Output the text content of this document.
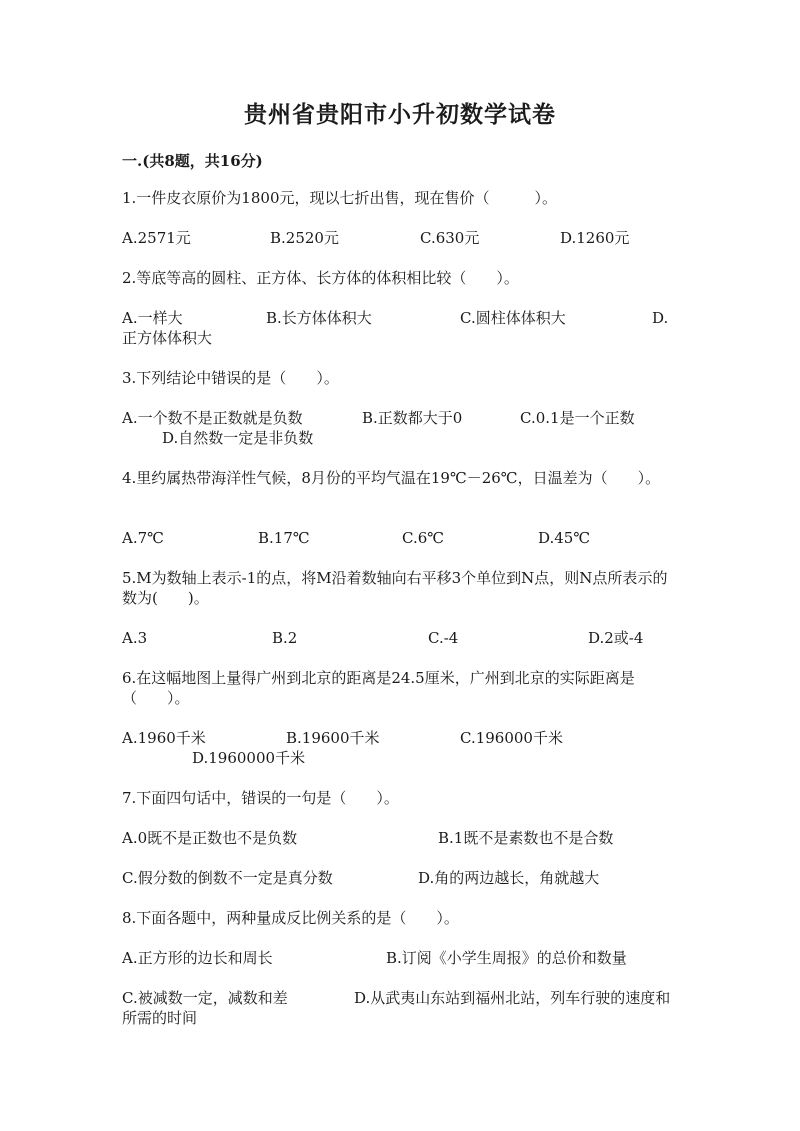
贵州省贵阳市小升初数学试卷
一.(共8题，共16分)
1.一件皮衣原价为1800元，现以七折出售，现在售价（　　　）。
A.2571元	B.2520元	C.630元	D.1260元
2.等底等高的圆柱、正方体、长方体的体积相比较（　　）。
A.一样大	B.长方体体积大	C.圆柱体体积大	D.
正方体体积大
3.下列结论中错误的是（　　）。
A.一个数不是正数就是负数	B.正数都大于0	C.0.1是一个正数
D.自然数一定是非负数
4.里约属热带海洋性气候，8月份的平均气温在19℃－26℃，日温差为（　　）。
A.7℃	B.17℃	C.6℃	D.45℃
5.M为数轴上表示-1的点，将M沿着数轴向右平移3个单位到N点，则N点所表示的数为(　　)。
A.3	B.2	C.-4	D.2或-4
6.在这幅地图上量得广州到北京的距离是24.5厘米，广州到北京的实际距离是（　　）。
A.1960千米	B.19600千米	C.196000千米
D.1960000千米
7.下面四句话中，错误的一句是（　　）。
A.0既不是正数也不是负数	B.1既不是素数也不是合数
C.假分数的倒数不一定是真分数	D.角的两边越长，角就越大
8.下面各题中，两种量成反比例关系的是（　　）。
A.正方形的边长和周长	B.订阅《小学生周报》的总价和数量
C.被减数一定，减数和差	D.从武夷山东站到福州北站，列车行驶的速度和所需的时间
